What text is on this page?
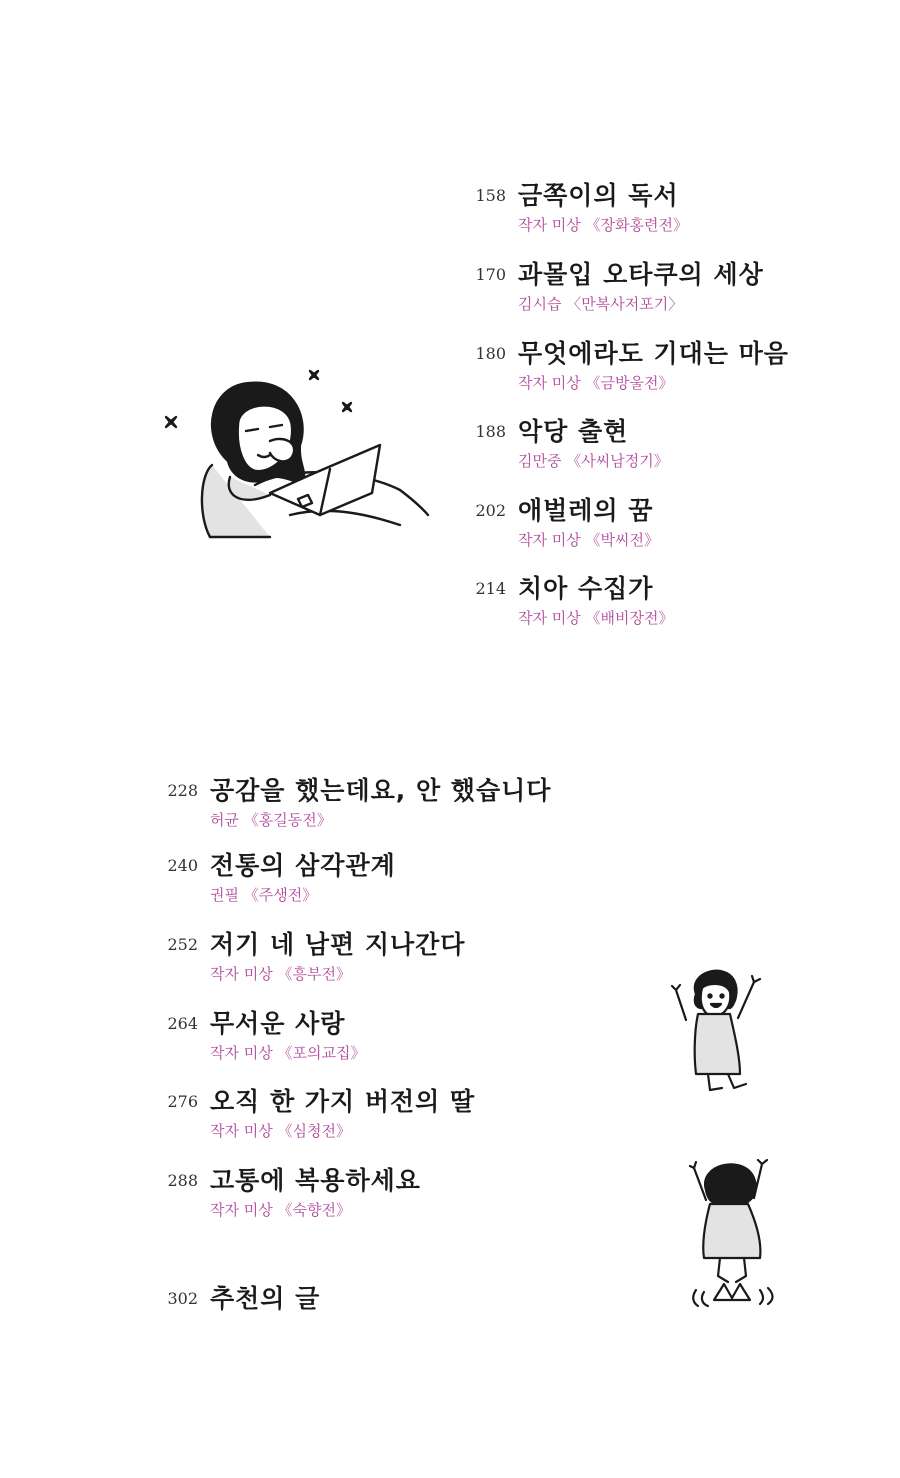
158 금쪽이의 독서
작자 미상 《장화홍련전》
170 과몰입 오타쿠의 세상
김시습 〈만복사저포기〉
180 무엇에라도 기대는 마음
작자 미상 《금방울전》
188 악당 출현
김만중 《사씨남정기》
202 애벌레의 꿈
작자 미상 《박씨전》
214 치아 수집가
작자 미상 《배비장전》
228 공감을 했는데요, 안 했습니다
허균 《홍길동전》
240 전통의 삼각관계
권필 《주생전》
252 저기 네 남편 지나간다
작자 미상 《흥부전》
264 무서운 사랑
작자 미상 《포의교집》
276 오직 한 가지 버전의 딸
작자 미상 《심청전》
288 고통에 복용하세요
작자 미상 《숙향전》
302 추천의 글
